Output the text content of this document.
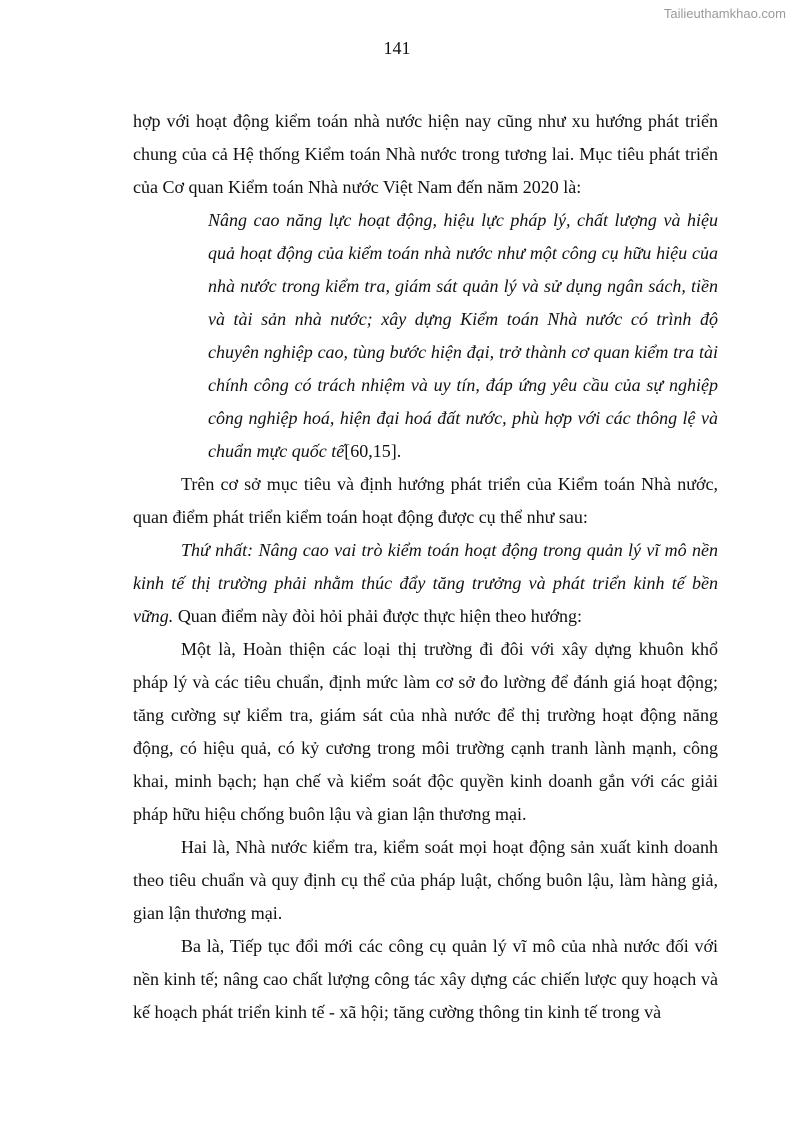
Tailieuthamkhao.com
141

hợp với hoạt động kiểm toán nhà nước hiện nay cũng như xu hướng phát triển chung của cả Hệ thống Kiểm toán Nhà nước trong tương lai. Mục tiêu phát triển của Cơ quan Kiểm toán Nhà nước Việt Nam đến năm 2020 là:

Nâng cao năng lực hoạt động, hiệu lực pháp lý, chất lượng và hiệu quả hoạt động của kiểm toán nhà nước như một công cụ hữu hiệu của nhà nước trong kiểm tra, giám sát quản lý và sử dụng ngân sách, tiền và tài sản nhà nước; xây dựng Kiểm toán Nhà nước có trình độ chuyên nghiệp cao, tùng bước hiện đại, trở thành cơ quan kiểm tra tài chính công có trách nhiệm và uy tín, đáp ứng yêu cầu của sự nghiệp công nghiệp hoá, hiện đại hoá đất nước, phù hợp với các thông lệ và chuẩn mực quốc tế[60,15].

Trên cơ sở mục tiêu và định hướng phát triển của Kiểm toán Nhà nước, quan điểm phát triển kiểm toán hoạt động được cụ thể như sau:

Thứ nhất: Nâng cao vai trò kiểm toán hoạt động trong quản lý vĩ mô nền kinh tế thị trường phải nhằm thúc đẩy tăng trưởng và phát triển kinh tế bền vững. Quan điểm này đòi hỏi phải được thực hiện theo hướng:

Một là, Hoàn thiện các loại thị trường đi đôi với xây dựng khuôn khổ pháp lý và các tiêu chuẩn, định mức làm cơ sở đo lường để đánh giá hoạt động; tăng cường sự kiểm tra, giám sát của nhà nước để thị trường hoạt động năng động, có hiệu quả, có kỷ cương trong môi trường cạnh tranh lành mạnh, công khai, minh bạch; hạn chế và kiểm soát độc quyền kinh doanh gắn với các giải pháp hữu hiệu chống buôn lậu và gian lận thương mại.

Hai là, Nhà nước kiểm tra, kiểm soát mọi hoạt động sản xuất kinh doanh theo tiêu chuẩn và quy định cụ thể của pháp luật, chống buôn lậu, làm hàng giả, gian lận thương mại.

Ba là, Tiếp tục đổi mới các công cụ quản lý vĩ mô của nhà nước đối với nền kinh tế; nâng cao chất lượng công tác xây dựng các chiến lược quy hoạch và kế hoạch phát triển kinh tế - xã hội; tăng cường thông tin kinh tế trong và
